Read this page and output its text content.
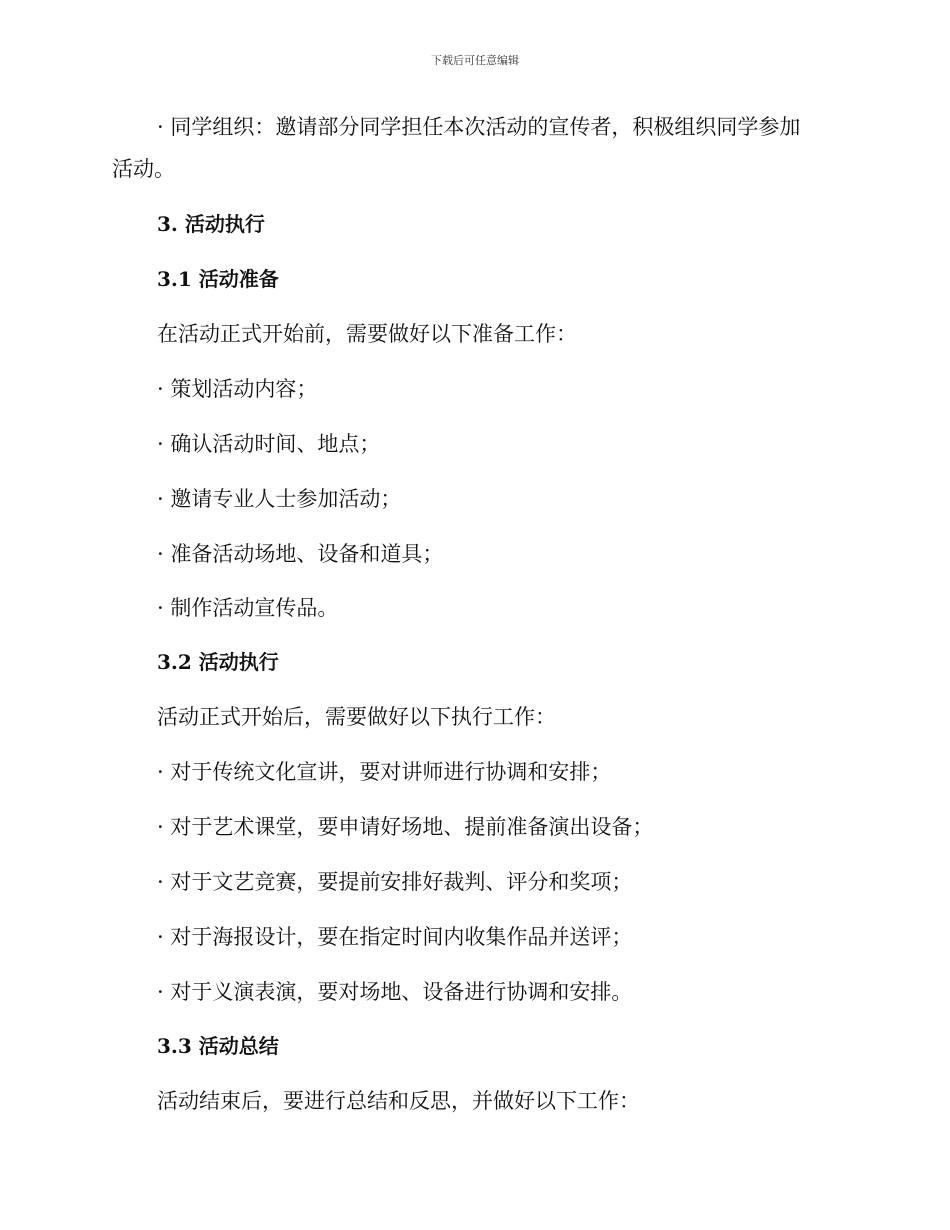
下载后可任意编辑
· 同学组织：邀请部分同学担任本次活动的宣传者，积极组织同学参加
活动。
3. 活动执行
3.1 活动准备
在活动正式开始前，需要做好以下准备工作：
· 策划活动内容；
· 确认活动时间、地点；
· 邀请专业人士参加活动；
· 准备活动场地、设备和道具；
· 制作活动宣传品。
3.2 活动执行
活动正式开始后，需要做好以下执行工作：
· 对于传统文化宣讲，要对讲师进行协调和安排；
· 对于艺术课堂，要申请好场地、提前准备演出设备；
· 对于文艺竞赛，要提前安排好裁判、评分和奖项；
· 对于海报设计，要在指定时间内收集作品并送评；
· 对于义演表演，要对场地、设备进行协调和安排。
3.3 活动总结
活动结束后，要进行总结和反思，并做好以下工作：
